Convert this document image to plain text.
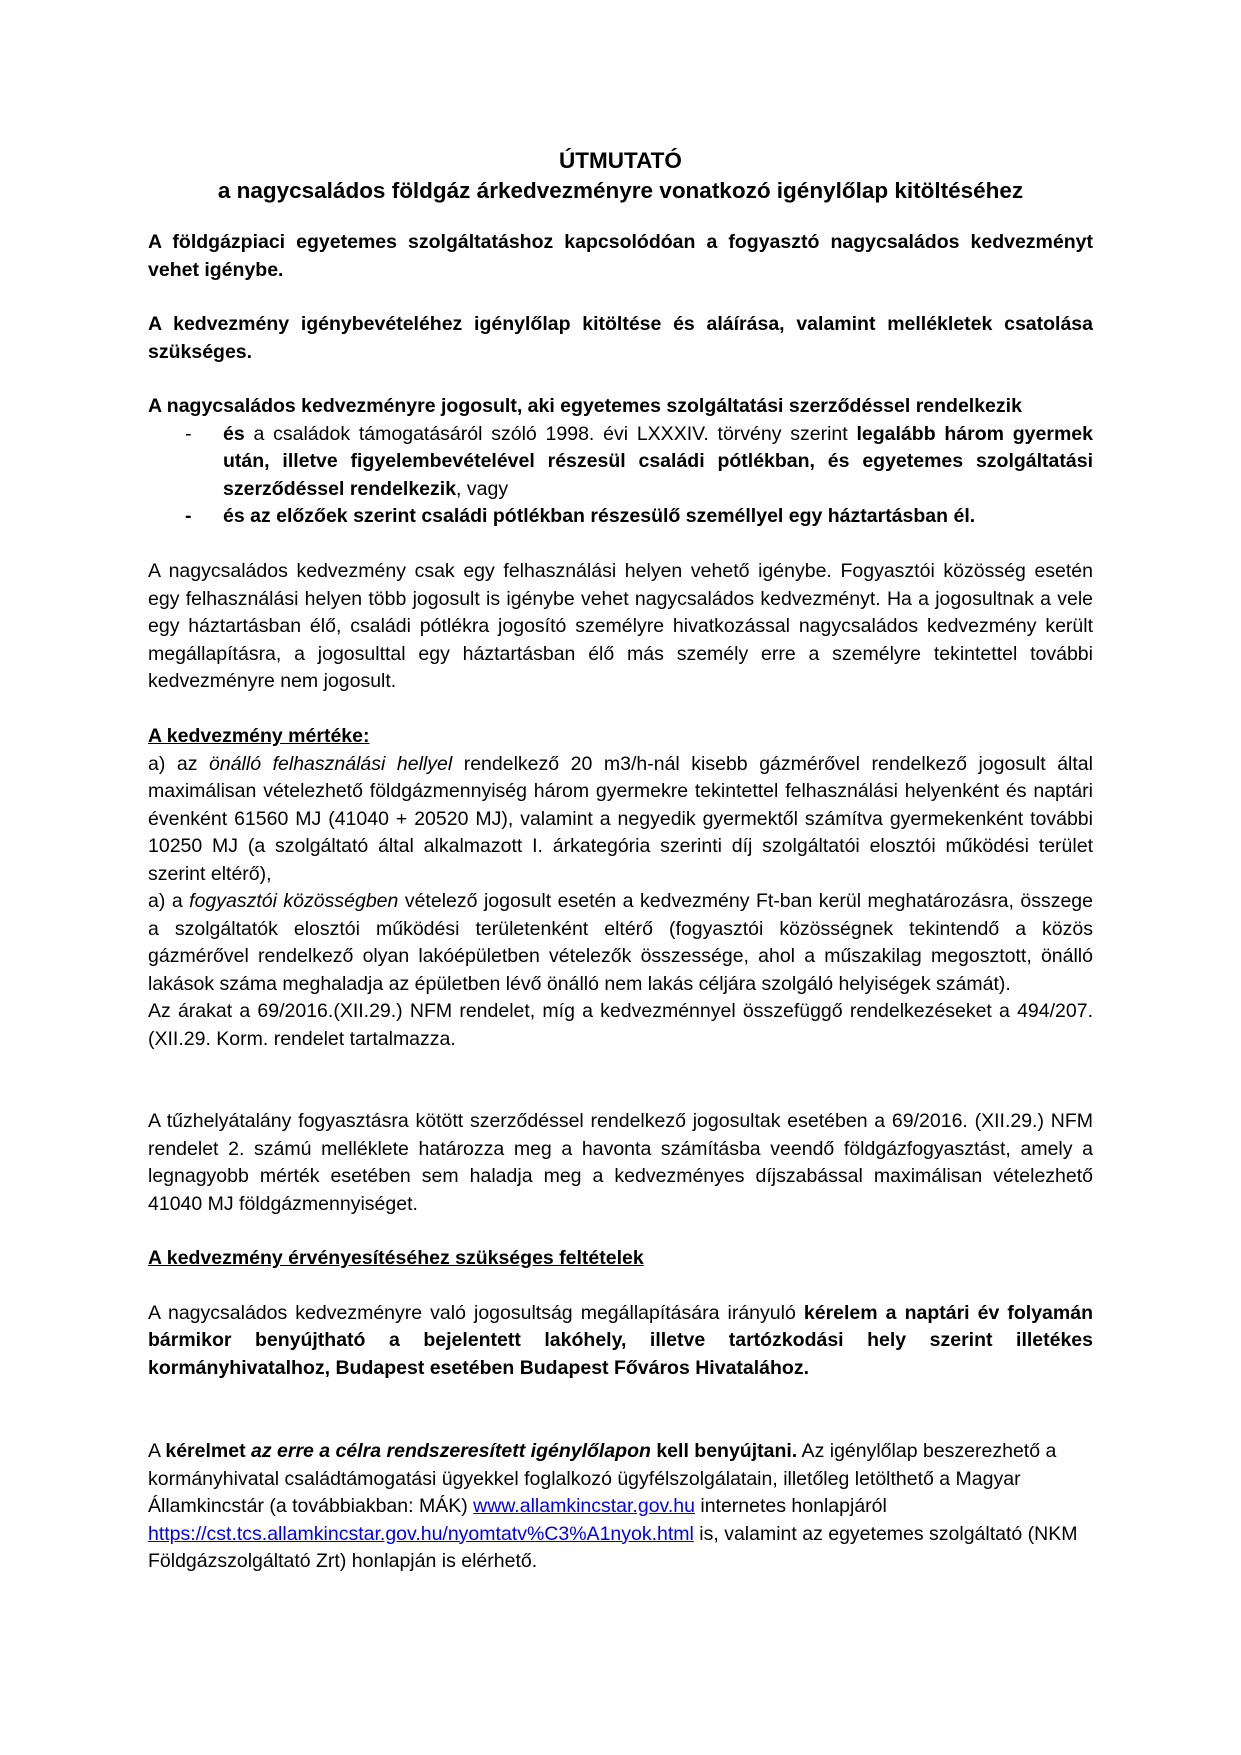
ÚTMUTATÓ
a nagycsaládos földgáz árkedvezményre vonatkozó igénylőlap kitöltéséhez
A földgázpiaci egyetemes szolgáltatáshoz kapcsolódóan a fogyasztó nagycsaládos kedvezményt vehet igénybe.
A kedvezmény igénybevételéhez igénylőlap kitöltése és aláírása, valamint mellékletek csatolása szükséges.
A nagycsaládos kedvezményre jogosult, aki egyetemes szolgáltatási szerződéssel rendelkezik
- és a családok támogatásáról szóló 1998. évi LXXXIV. törvény szerint legalább három gyermek után, illetve figyelembevételével részesül családi pótlékban, és egyetemes szolgáltatási szerződéssel rendelkezik, vagy
- és az előzőek szerint családi pótlékban részesülő személlyel egy háztartásban él.
A nagycsaládos kedvezmény csak egy felhasználási helyen vehető igénybe. Fogyasztói közösség esetén egy felhasználási helyen több jogosult is igénybe vehet nagycsaládos kedvezményt. Ha a jogosultnak a vele egy háztartásban élő, családi pótlékra jogosító személyre hivatkozással nagycsaládos kedvezmény került megállapításra, a jogosulttal egy háztartásban élő más személy erre a személyre tekintettel további kedvezményre nem jogosult.
A kedvezmény mértéke:
a) az önálló felhasználási hellyel rendelkező 20 m3/h-nál kisebb gázmérővel rendelkező jogosult által maximálisan vételezhető földgázmennyiség három gyermekre tekintettel felhasználási helyenként és naptári évenként 61560 MJ (41040 + 20520 MJ), valamint a negyedik gyermektől számítva gyermekenként további 10250 MJ (a szolgáltató által alkalmazott I. árkategória szerinti díj szolgáltatói elosztói működési terület szerint eltérő),
a) a fogyasztói közösségben vételező jogosult esetén a kedvezmény Ft-ban kerül meghatározásra, összege a szolgáltatók elosztói működési területenként eltérő (fogyasztói közösségnek tekintendő a közös gázmérővel rendelkező olyan lakóépületben vételezők összessége, ahol a műszakilag megosztott, önálló lakások száma meghaladja az épületben lévő önálló nem lakás céljára szolgáló helyiségek számát).
Az árakat a 69/2016.(XII.29.) NFM rendelet, míg a kedvezménnyel összefüggő rendelkezéseket a 494/207.(XII.29. Korm. rendelet tartalmazza.
A tűzhelyátalány fogyasztásra kötött szerződéssel rendelkező jogosultak esetében a 69/2016. (XII.29.) NFM rendelet 2. számú melléklete határozza meg a havonta számításba veendő földgázfogyasztást, amely a legnagyobb mérték esetében sem haladja meg a kedvezményes díjszabással maximálisan vételezhető 41040 MJ földgázmennyiséget.
A kedvezmény érvényesítéséhez szükséges feltételek
A nagycsaládos kedvezményre való jogosultság megállapítására irányuló kérelem a naptári év folyamán bármikor benyújtható a bejelentett lakóhely, illetve tartózkodási hely szerint illetékes kormányhivatalhoz, Budapest esetében Budapest Főváros Hivatalához.
A kérelmet az erre a célra rendszeresített igénylőlapon kell benyújtani. Az igénylőlap beszerezhető a kormányhivatal családtámogatási ügyekkel foglalkozó ügyfélszolgálatain, illetőleg letölthető a Magyar Államkincstár (a továbbiakban: MÁK) www.allamkincstar.gov.hu internetes honlapjáról https://cst.tcs.allamkincstar.gov.hu/nyomtatv%C3%A1nyok.html is, valamint az egyetemes szolgáltató (NKM Földgázszolgáltató Zrt) honlapján is elérhető.
